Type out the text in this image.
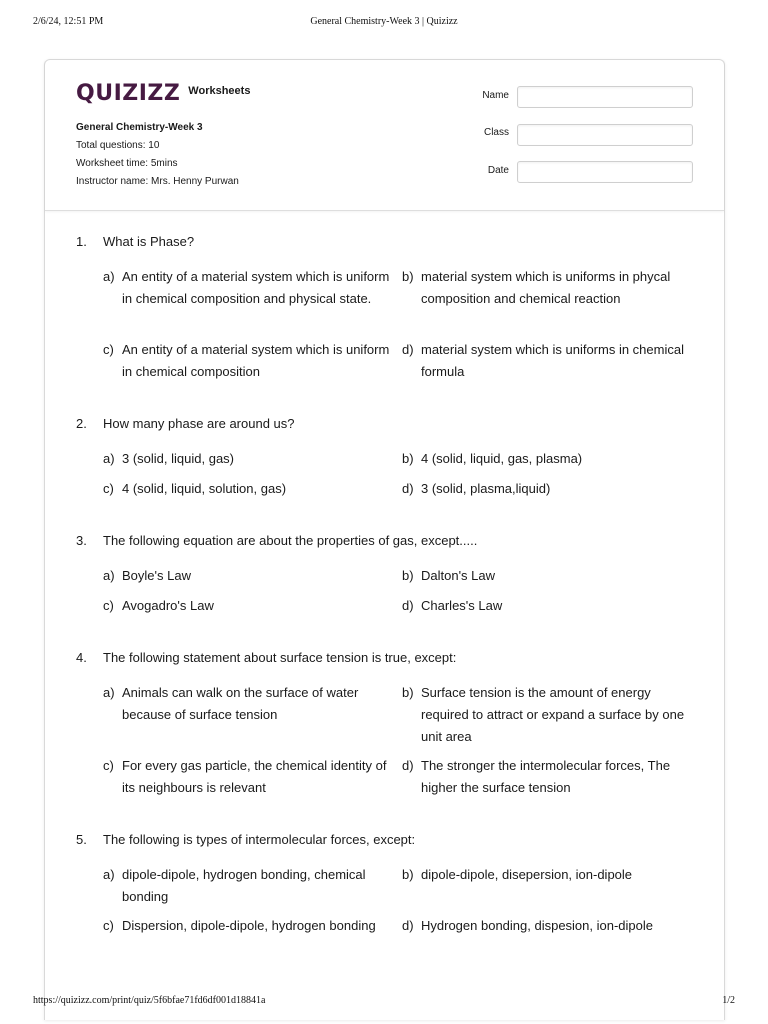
2/6/24, 12:51 PM	General Chemistry-Week 3 | Quizizz
QUIZIZZ Worksheets
General Chemistry-Week 3
Total questions: 10
Worksheet time: 5mins
Instructor name: Mrs. Henny Purwan
Name
Class
Date
1. What is Phase?
a) An entity of a material system which is uniform in chemical composition and physical state.
b) material system which is uniforms in phycal composition and chemical reaction
c) An entity of a material system which is uniform in chemical composition
d) material system which is uniforms in chemical formula
2. How many phase are around us?
a) 3 (solid, liquid, gas)	b) 4 (solid, liquid, gas, plasma)
c) 4 (solid, liquid, solution, gas)	d) 3 (solid, plasma,liquid)
3. The following equation are about the properties of gas, except.....
a) Boyle's Law	b) Dalton's Law
c) Avogadro's Law	d) Charles's Law
4. The following statement about surface tension is true, except:
a) Animals can walk on the surface of water because of surface tension
b) Surface tension is the amount of energy required to attract or expand a surface by one unit area
c) For every gas particle, the chemical identity of its neighbours is relevant
d) The stronger the intermolecular forces, The higher the surface tension
5. The following is types of intermolecular forces, except:
a) dipole-dipole, hydrogen bonding, chemical bonding
b) dipole-dipole, disepersion, ion-dipole
c) Dispersion, dipole-dipole, hydrogen bonding	d) Hydrogen bonding, dispesion, ion-dipole
https://quizizz.com/print/quiz/5f6bfae71fd6df001d18841a	1/2
